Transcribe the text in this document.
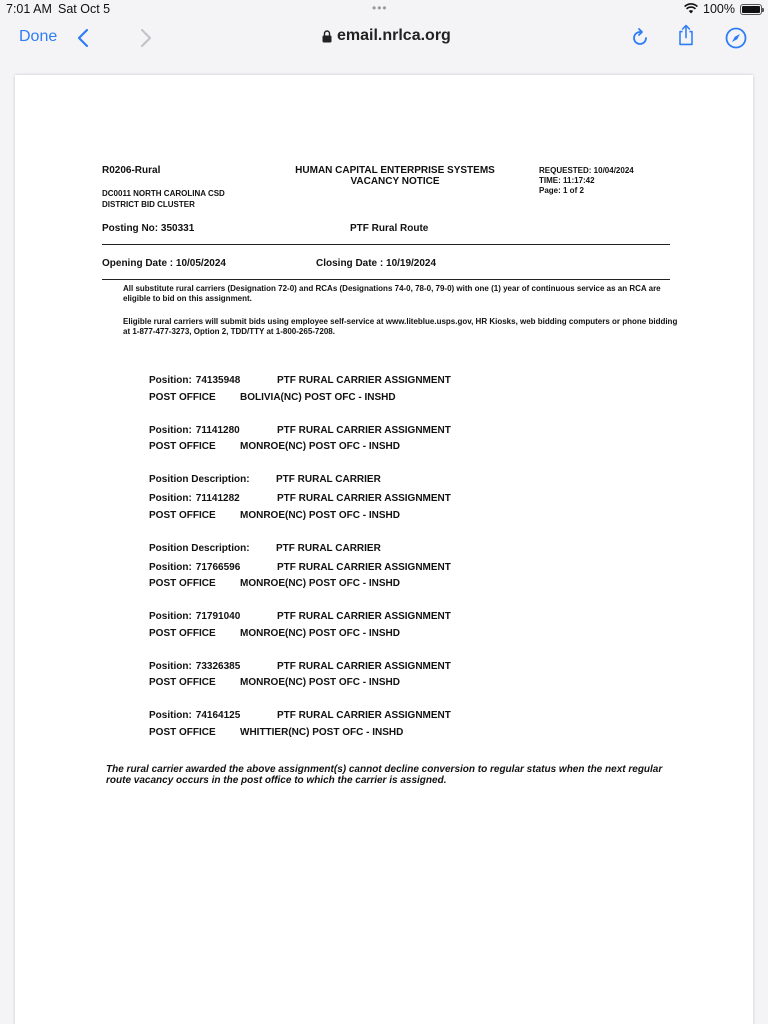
7:01 AM Sat Oct 5	•••	100%
Done	email.nrlca.org
R0206-Rural
DC0011 NORTH CAROLINA CSD
DISTRICT BID CLUSTER
HUMAN CAPITAL ENTERPRISE SYSTEMS
VACANCY NOTICE
REQUESTED: 10/04/2024
TIME: 11:17:42
Page: 1 of 2
Posting No: 350331	PTF Rural Route
Opening Date : 10/05/2024	Closing Date : 10/19/2024
All substitute rural carriers (Designation 72-0) and RCAs (Designations 74-0, 78-0, 79-0) with one (1) year of continuous service as an RCA are eligible to bid on this assignment.
Eligible rural carriers will submit bids using employee self-service at www.liteblue.usps.gov, HR Kiosks, web bidding computers or phone bidding at 1-877-477-3273, Option 2, TDD/TTY at 1-800-265-7208.
Position: 74135948	PTF RURAL CARRIER ASSIGNMENT
POST OFFICE BOLIVIA(NC) POST OFC - INSHD
Position: 71141280	PTF RURAL CARRIER ASSIGNMENT
POST OFFICE MONROE(NC) POST OFC - INSHD
Position Description:	PTF RURAL CARRIER
Position: 71141282	PTF RURAL CARRIER ASSIGNMENT
POST OFFICE MONROE(NC) POST OFC - INSHD
Position Description:	PTF RURAL CARRIER
Position: 71766596	PTF RURAL CARRIER ASSIGNMENT
POST OFFICE MONROE(NC) POST OFC - INSHD
Position: 71791040	PTF RURAL CARRIER ASSIGNMENT
POST OFFICE MONROE(NC) POST OFC - INSHD
Position: 73326385	PTF RURAL CARRIER ASSIGNMENT
POST OFFICE MONROE(NC) POST OFC - INSHD
Position: 74164125	PTF RURAL CARRIER ASSIGNMENT
POST OFFICE WHITTIER(NC) POST OFC - INSHD
The rural carrier awarded the above assignment(s) cannot decline conversion to regular status when the next regular route vacancy occurs in the post office to which the carrier is assigned.
